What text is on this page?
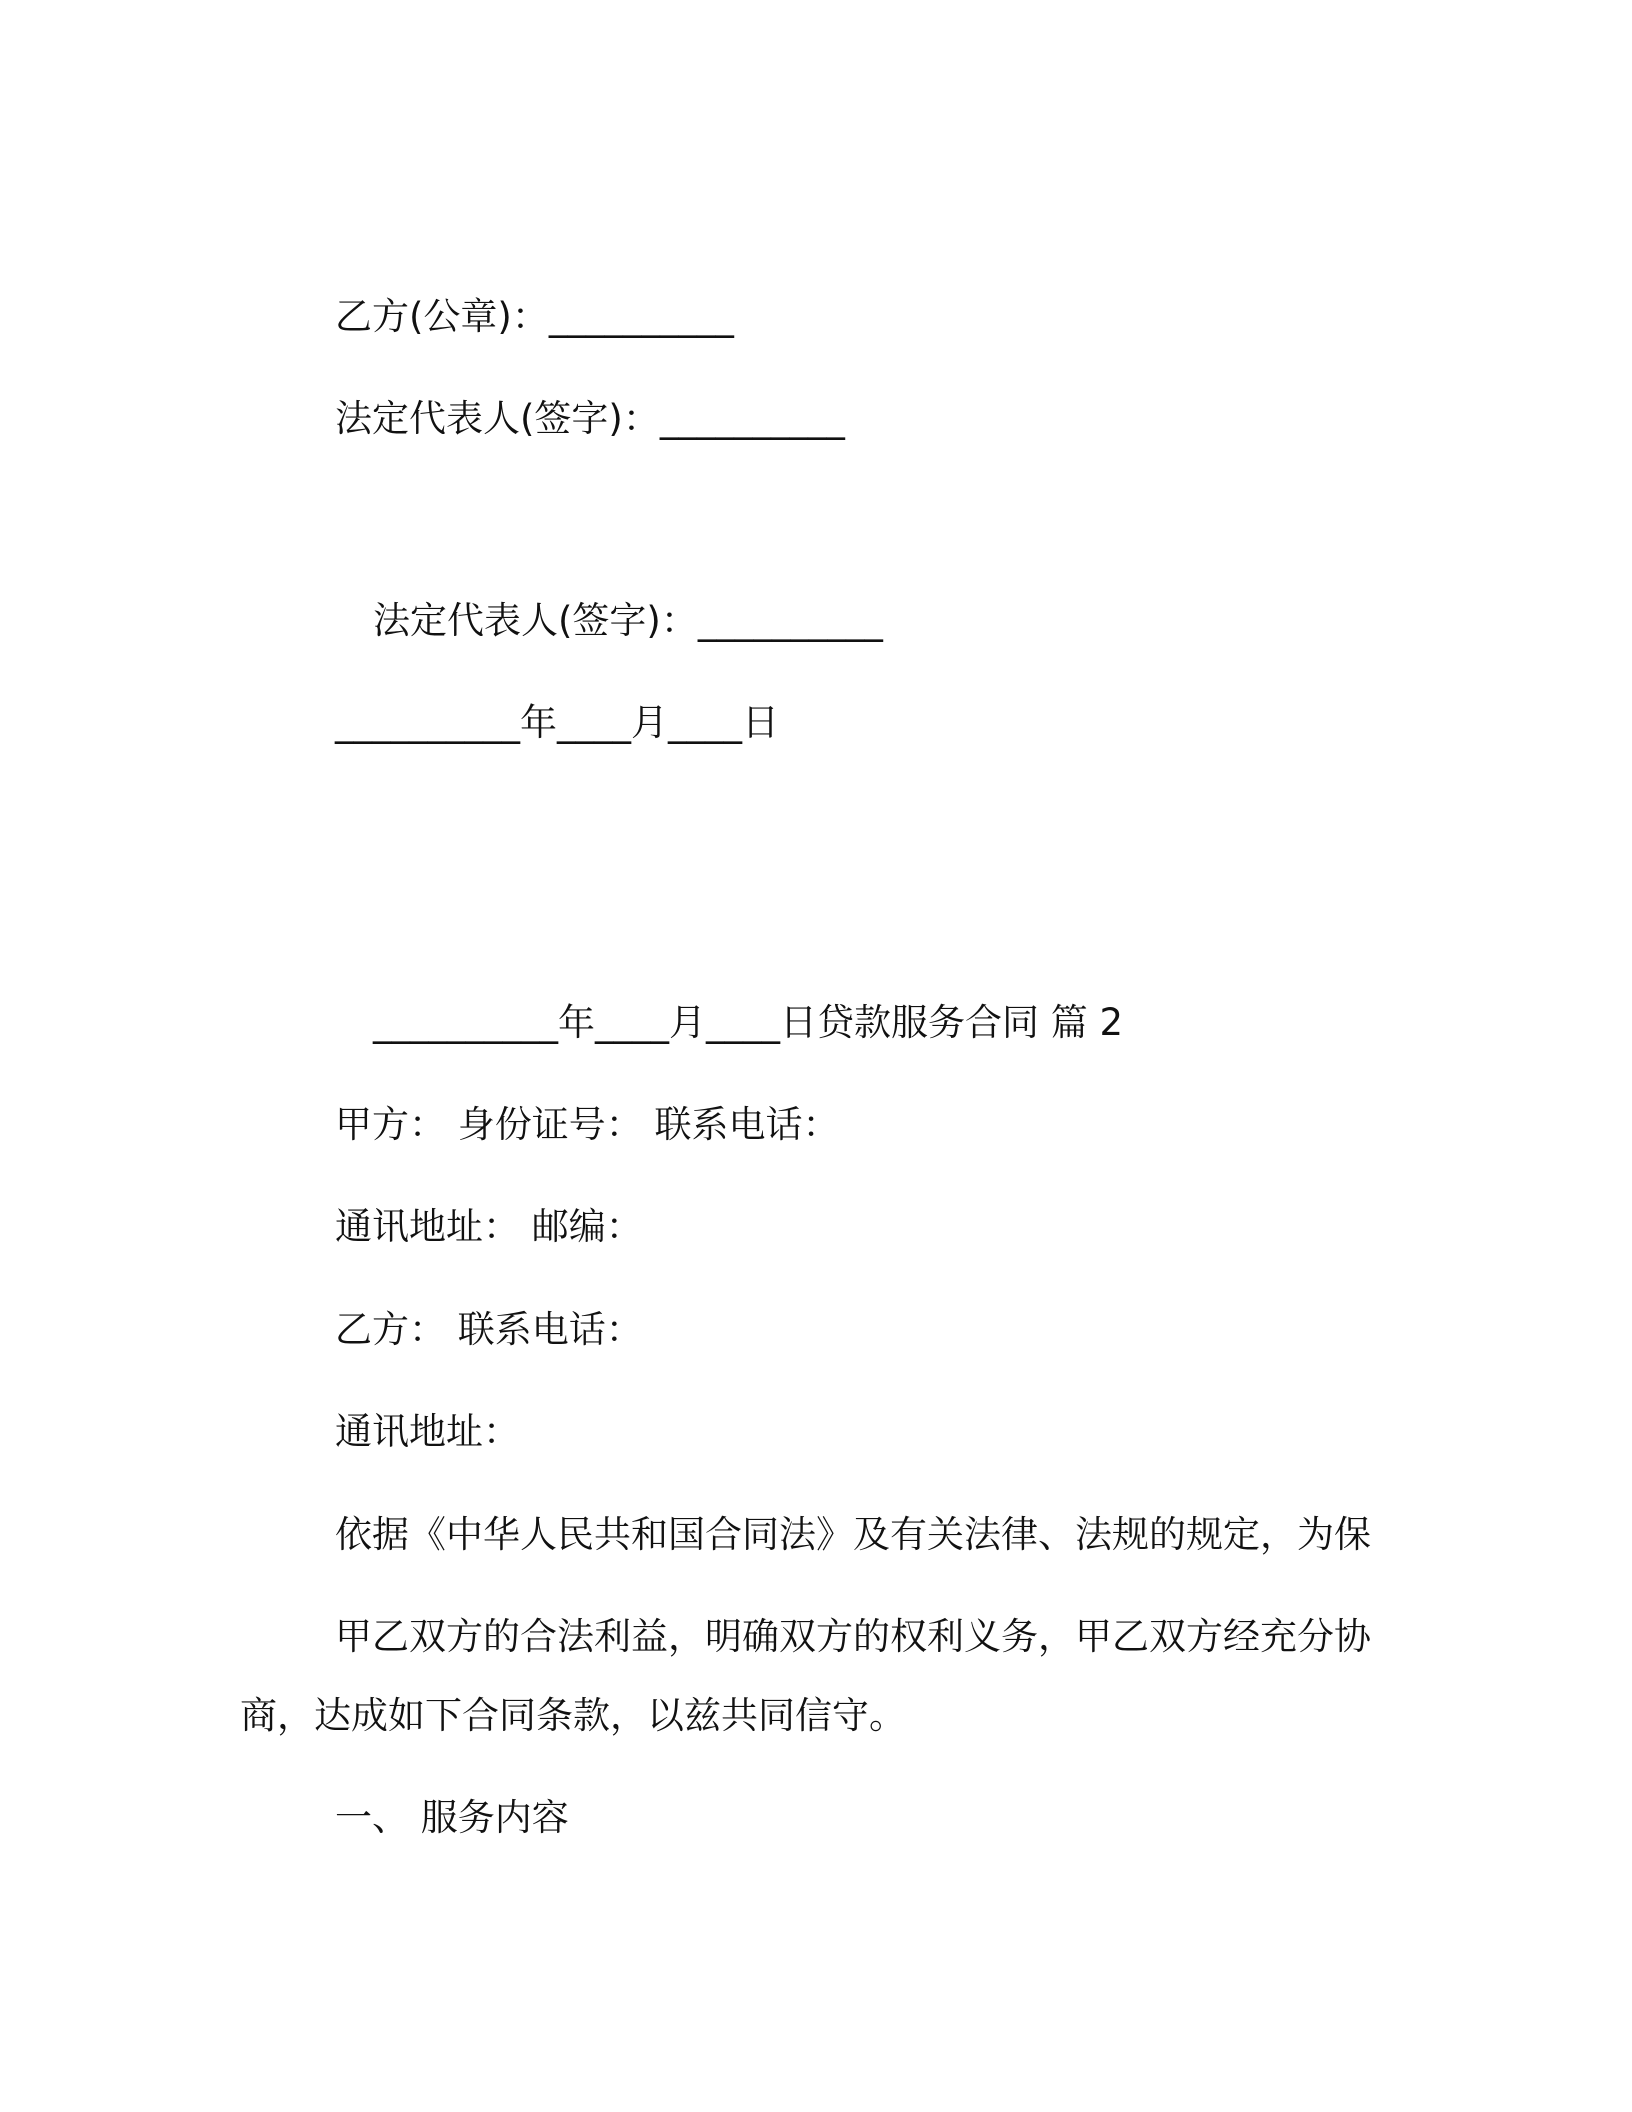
乙方(公章)：__________
法定代表人(签字)：__________
法定代表人(签字)：__________
__________年____月____日
__________年____月____日贷款服务合同 篇 2
甲方： 身份证号： 联系电话：
通讯地址： 邮编：
乙方： 联系电话：
通讯地址：
依据《中华人民共和国合同法》及有关法律、法规的规定，为保
甲乙双方的合法利益，明确双方的权利义务，甲乙双方经充分协
商，达成如下合同条款，以兹共同信守。
一、 服务内容
